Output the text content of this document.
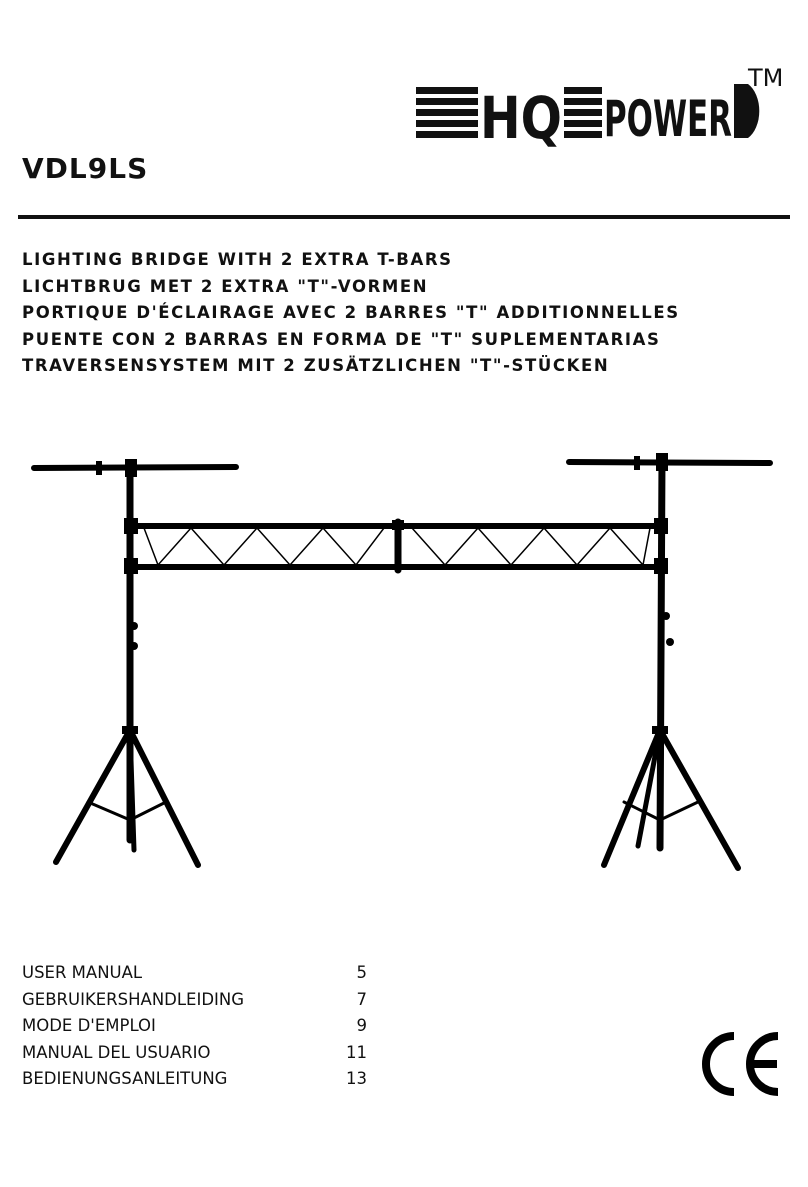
HQ POWER
TM
VDL9LS
LIGHTING BRIDGE WITH 2 EXTRA T-BARS
LICHTBRUG MET 2 EXTRA "T"-VORMEN
PORTIQUE D'ÉCLAIRAGE AVEC 2 BARRES "T" ADDITIONNELLES
PUENTE CON 2 BARRAS EN FORMA DE "T" SUPLEMENTARIAS
TRAVERSENSYSTEM MIT 2 ZUSÄTZLICHEN "T"-STÜCKEN
USER MANUAL	5
GEBRUIKERSHANDLEIDING	7
MODE D'EMPLOI	9
MANUAL DEL USUARIO	11
BEDIENUNGSANLEITUNG	13
